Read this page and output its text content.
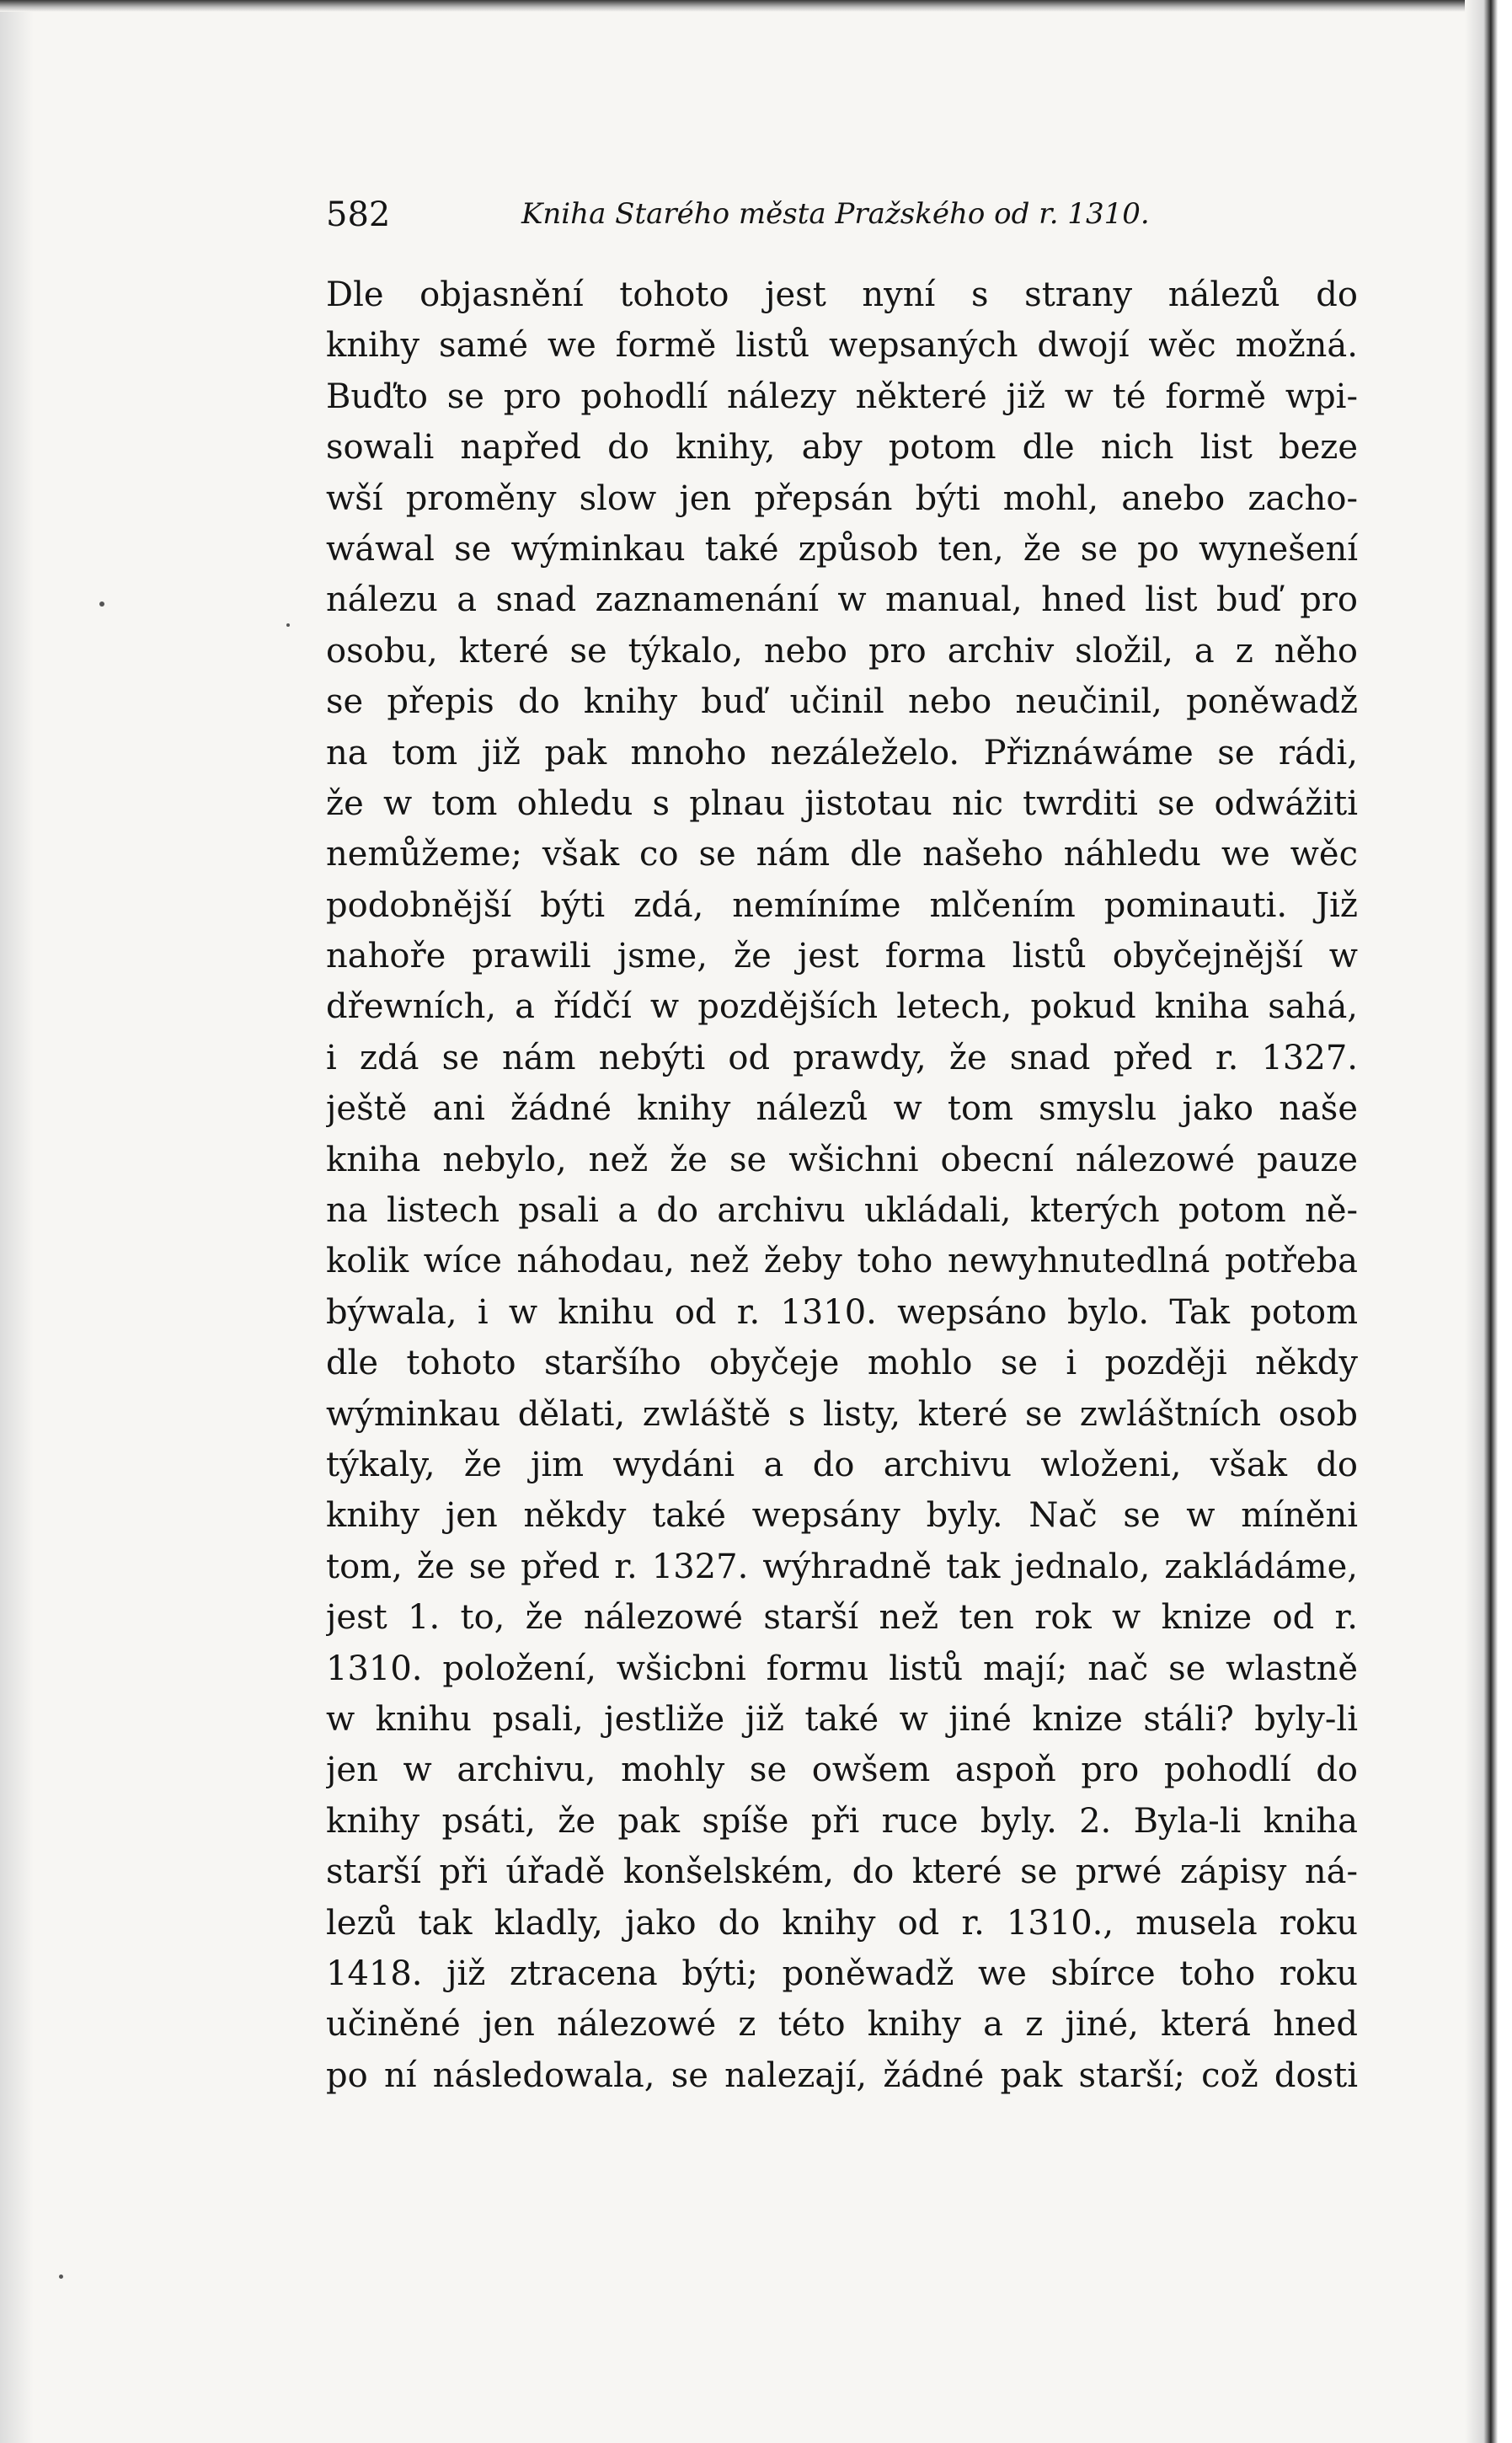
582	Kniha Starého města Pražského od r. 1310.
Dle objasnění tohoto jest nyní s strany nálezů do
knihy samé we formě listů wepsaných dwojí wěc možná.
Buďto se pro pohodlí nálezy některé již w té formě wpi-
sowali napřed do knihy, aby potom dle nich list beze
wší proměny slow jen přepsán býti mohl, anebo zacho-
wáwal se wýminkau také způsob ten, že se po wynešení
nálezu a snad zaznamenání w manual, hned list buď pro
osobu, které se týkalo, nebo pro archiv složil, a z něho
se přepis do knihy buď učinil nebo neučinil, poněwadž
na tom již pak mnoho nezáleželo. Přiznáwáme se rádi,
že w tom ohledu s plnau jistotau nic twrditi se odwážiti
nemůžeme; však co se nám dle našeho náhledu we wěc
podobnější býti zdá, nemíníme mlčením pominauti. Již
nahoře prawili jsme, že jest forma listů obyčejnější w
dřewních, a řídčí w pozdějších letech, pokud kniha sahá,
i zdá se nám nebýti od prawdy, že snad před r. 1327.
ještě ani žádné knihy nálezů w tom smyslu jako naše
kniha nebylo, než že se wšichni obecní nálezowé pauze
na listech psali a do archivu ukládali, kterých potom ně-
kolik wíce náhodau, než žeby toho newyhnutedlná potřeba
býwala, i w knihu od r. 1310. wepsáno bylo. Tak potom
dle tohoto staršího obyčeje mohlo se i později někdy
wýminkau dělati, zwláště s listy, které se zwláštních osob
týkaly, že jim wydáni a do archivu wloženi, však do
knihy jen někdy také wepsány byly. Nač se w míněni
tom, že se před r. 1327. wýhradně tak jednalo, zakládáme,
jest 1. to, že nálezowé starší než ten rok w knize od r.
1310. položení, wšicbni formu listů mají; nač se wlastně
w knihu psali, jestliže již také w jiné knize stáli? byly-li
jen w archivu, mohly se owšem aspoň pro pohodlí do
knihy psáti, že pak spíše při ruce byly. 2. Byla-li kniha
starší při úřadě konšelském, do které se prwé zápisy ná-
lezů tak kladly, jako do knihy od r. 1310., musela roku
1418. již ztracena býti; poněwadž we sbírce toho roku
učiněné jen nálezowé z této knihy a z jiné, která hned
po ní následowala, se nalezají, žádné pak starší; což dosti
